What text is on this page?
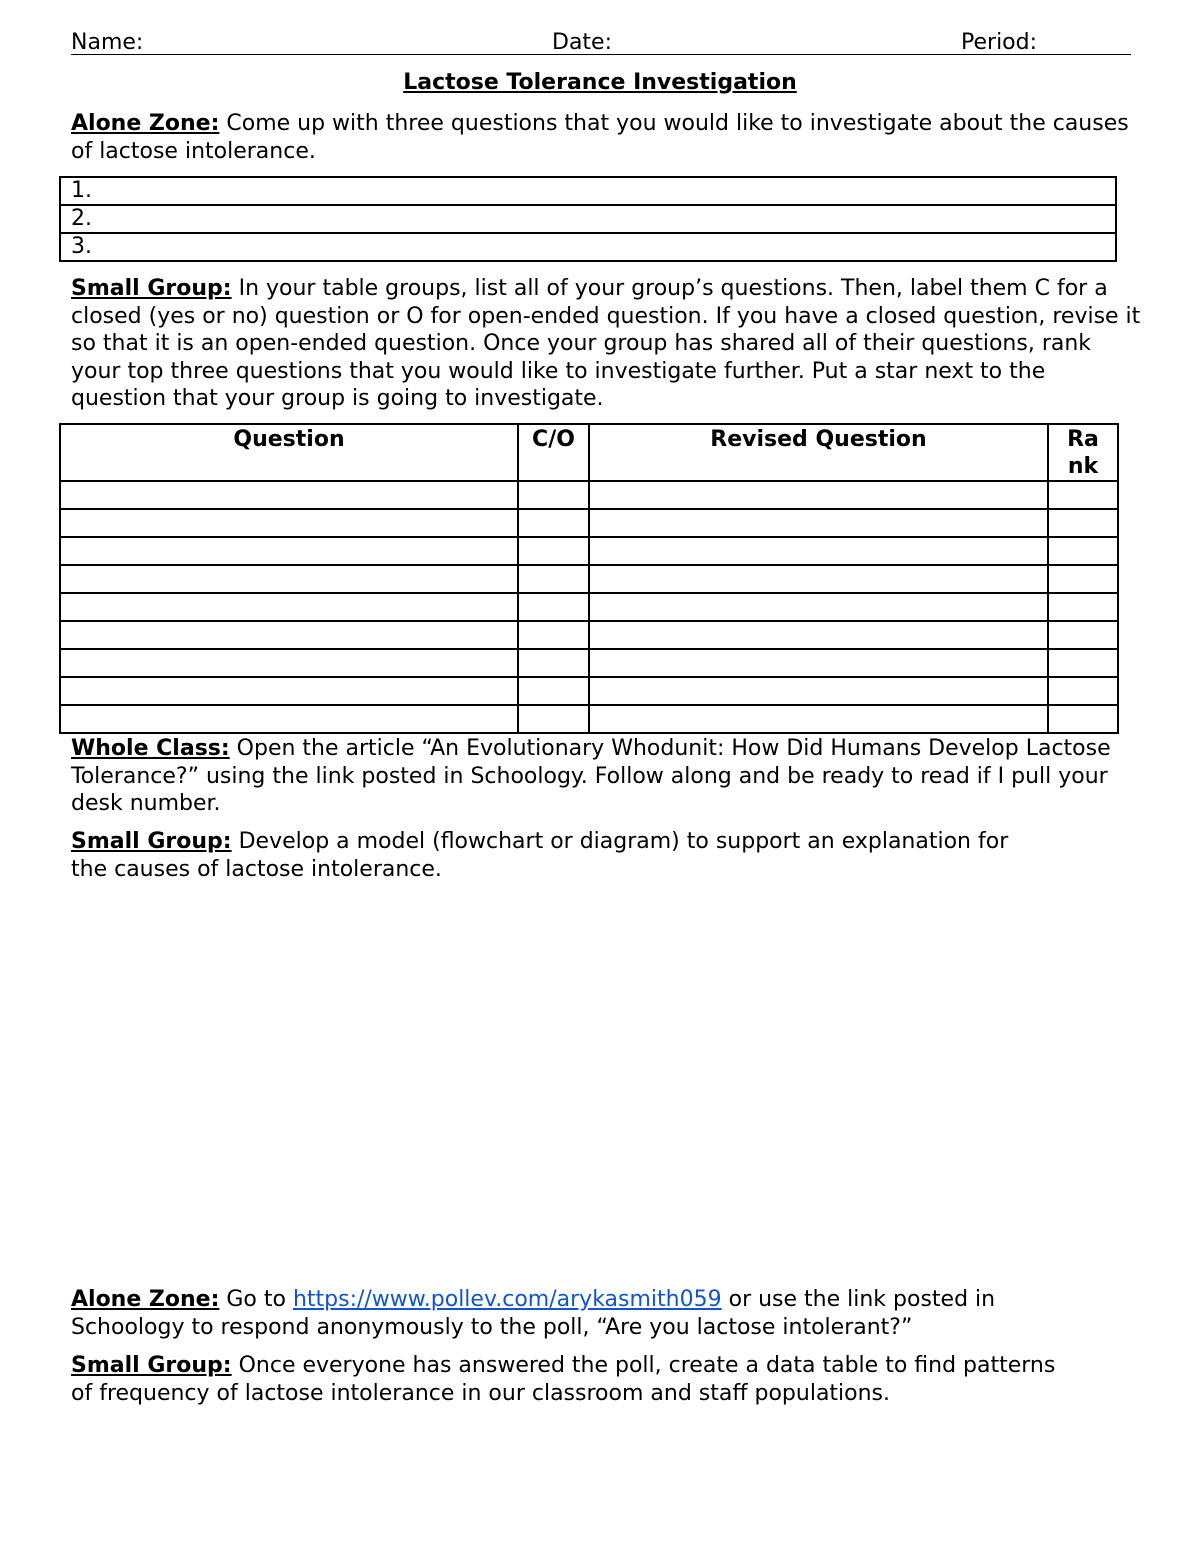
Name:	Date:	Period:
Lactose Tolerance Investigation
Alone Zone: Come up with three questions that you would like to investigate about the causes of lactose intolerance.
1.
2.
3.
Small Group: In your table groups, list all of your group’s questions. Then, label them C for a closed (yes or no) question or O for open-ended question. If you have a closed question, revise it so that it is an open-ended question. Once your group has shared all of their questions, rank your top three questions that you would like to investigate further. Put a star next to the question that your group is going to investigate.
Question	C/O	Revised Question	Ra
nk

Whole Class: Open the article “An Evolutionary Whodunit: How Did Humans Develop Lactose Tolerance?” using the link posted in Schoology. Follow along and be ready to read if I pull your desk number.
Small Group: Develop a model (flowchart or diagram) to support an explanation for the causes of lactose intolerance.
Alone Zone: Go to https://www.pollev.com/arykasmith059 or use the link posted in Schoology to respond anonymously to the poll, “Are you lactose intolerant?”
Small Group: Once everyone has answered the poll, create a data table to find patterns of frequency of lactose intolerance in our classroom and staff populations.
